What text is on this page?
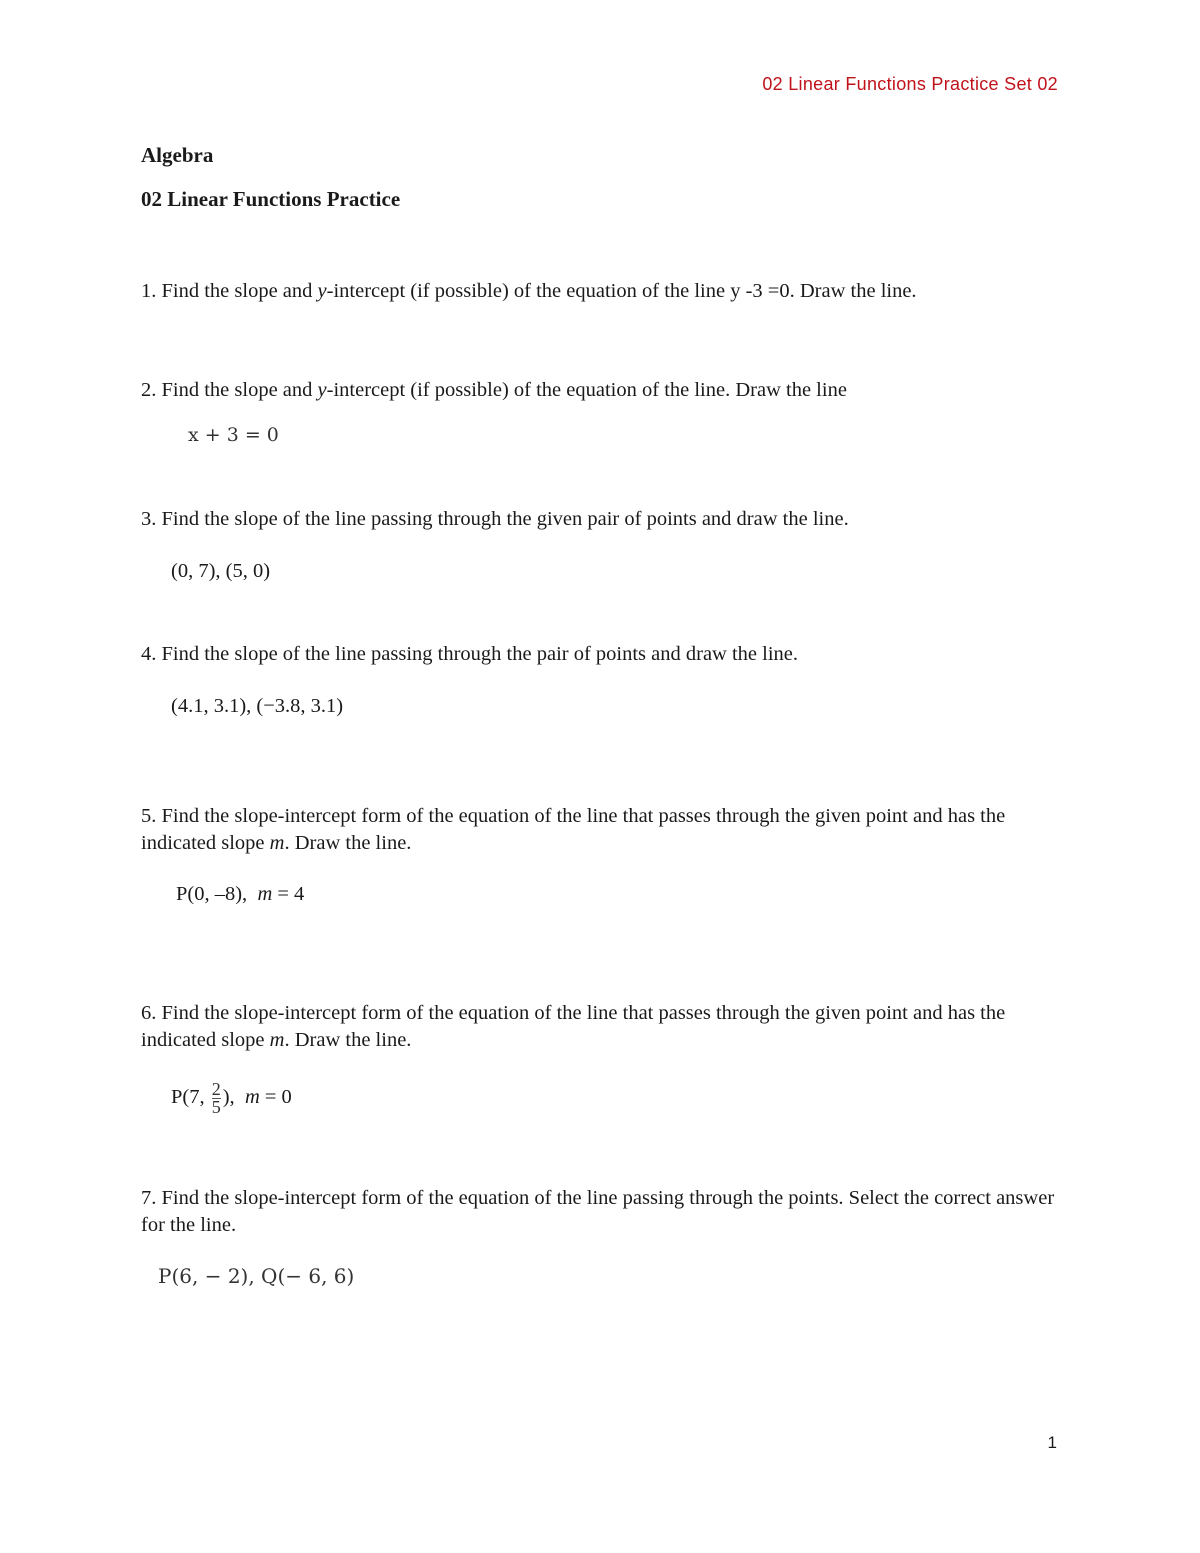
02 Linear Functions Practice Set 02
Algebra
02 Linear Functions Practice
1. Find the slope and y-intercept (if possible) of the equation of the line y -3 =0. Draw the line.
2. Find the slope and y-intercept (if possible) of the equation of the line. Draw the line
x + 3 = 0
3. Find the slope of the line passing through the given pair of points and draw the line.
(0, 7), (5, 0)
4. Find the slope of the line passing through the pair of points and draw the line.
(4.1, 3.1), (−3.8, 3.1)
5. Find the slope-intercept form of the equation of the line that passes through the given point and has the indicated slope m. Draw the line.
P(0, –8), m = 4
6. Find the slope-intercept form of the equation of the line that passes through the given point and has the indicated slope m. Draw the line.
P(7, $\frac{2}{5}$ ), m = 0
7. Find the slope-intercept form of the equation of the line passing through the points. Select the correct answer for the line.
P(6, − 2), Q(− 6, 6)
1
